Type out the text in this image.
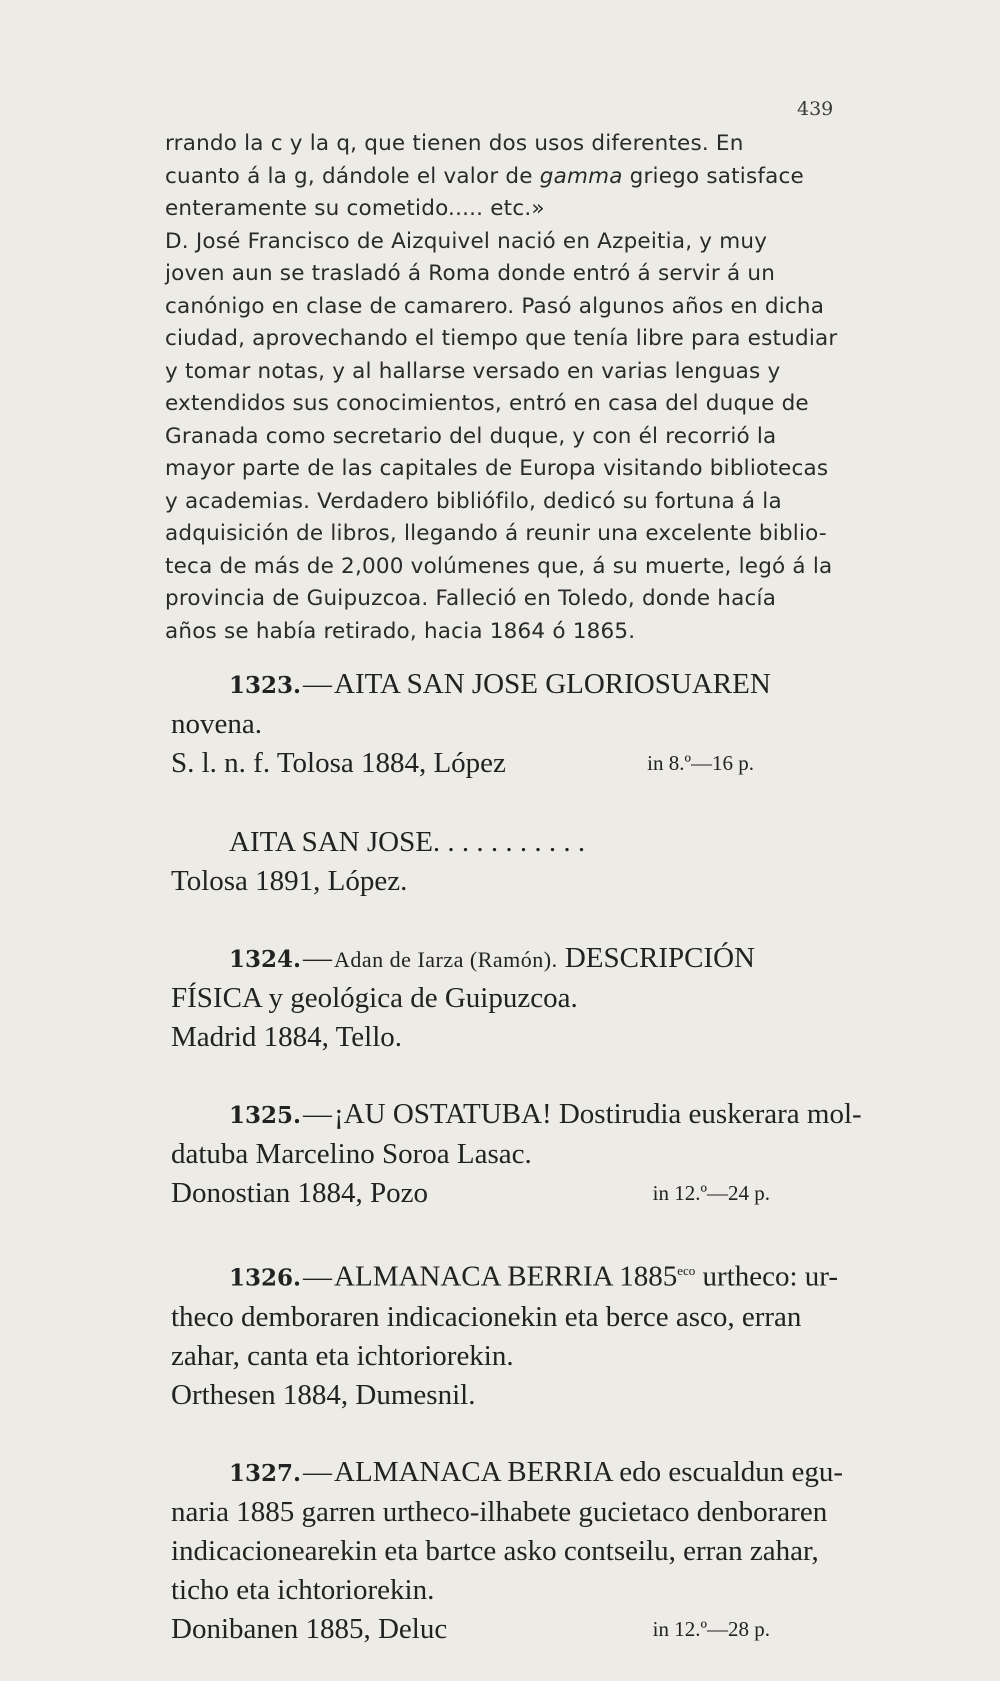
439

rrando la c y la q, que tienen dos usos diferentes. En

cuanto á la g, dándole el valor de gamma griego satisface

enteramente su cometido..... etc.»

D. José Francisco de Aizquivel nació en Azpeitia, y muy

joven aun se trasladó á Roma donde entró á servir á un

canónigo en clase de camarero. Pasó algunos años en dicha

ciudad, aprovechando el tiempo que tenía libre para estudiar

y tomar notas, y al hallarse versado en varias lenguas y

extendidos sus conocimientos, entró en casa del duque de

Granada como secretario del duque, y con él recorrió la

mayor parte de las capitales de Europa visitando bibliotecas

y academias. Verdadero bibliófilo, dedicó su fortuna á la

adquisición de libros, llegando á reunir una excelente biblio-

teca de más de 2,000 volúmenes que, á su muerte, legó á la

provincia de Guipuzcoa. Falleció en Toledo, donde hacía

años se había retirado, hacia 1864 ó 1865.

1323.—AITA SAN JOSE GLORIOSUAREN
novena.
S. l. n. f. Tolosa 1884, López	in 8.º—16 p.
AITA SAN JOSE. . . . . . . . . . .
Tolosa 1891, López.
1324.—Adan de Iarza (Ramón). DESCRIPCIÓN
FÍSICA y geológica de Guipuzcoa.
Madrid 1884, Tello.
1325.—¡AU OSTATUBA! Dostirudia euskerara mol-
datuba Marcelino Soroa Lasac.
Donostian 1884, Pozo	in 12.º—24 p.
1326.—ALMANACA BERRIA $1885^{eco}$ urtheco: ur-
theco demboraren indicacionekin eta berce asco, erran
zahar, canta eta ichtoriorekin.
Orthesen 1884, Dumesnil.
1327.—ALMANACA BERRIA edo escualdun egu-
naria 1885 garren urtheco-ilhabete gucietaco denboraren
indicacionearekin eta bartce asko contseilu, erran zahar,
ticho eta ichtoriorekin.
Donibanen 1885, Deluc	in 12.º—28 p.
